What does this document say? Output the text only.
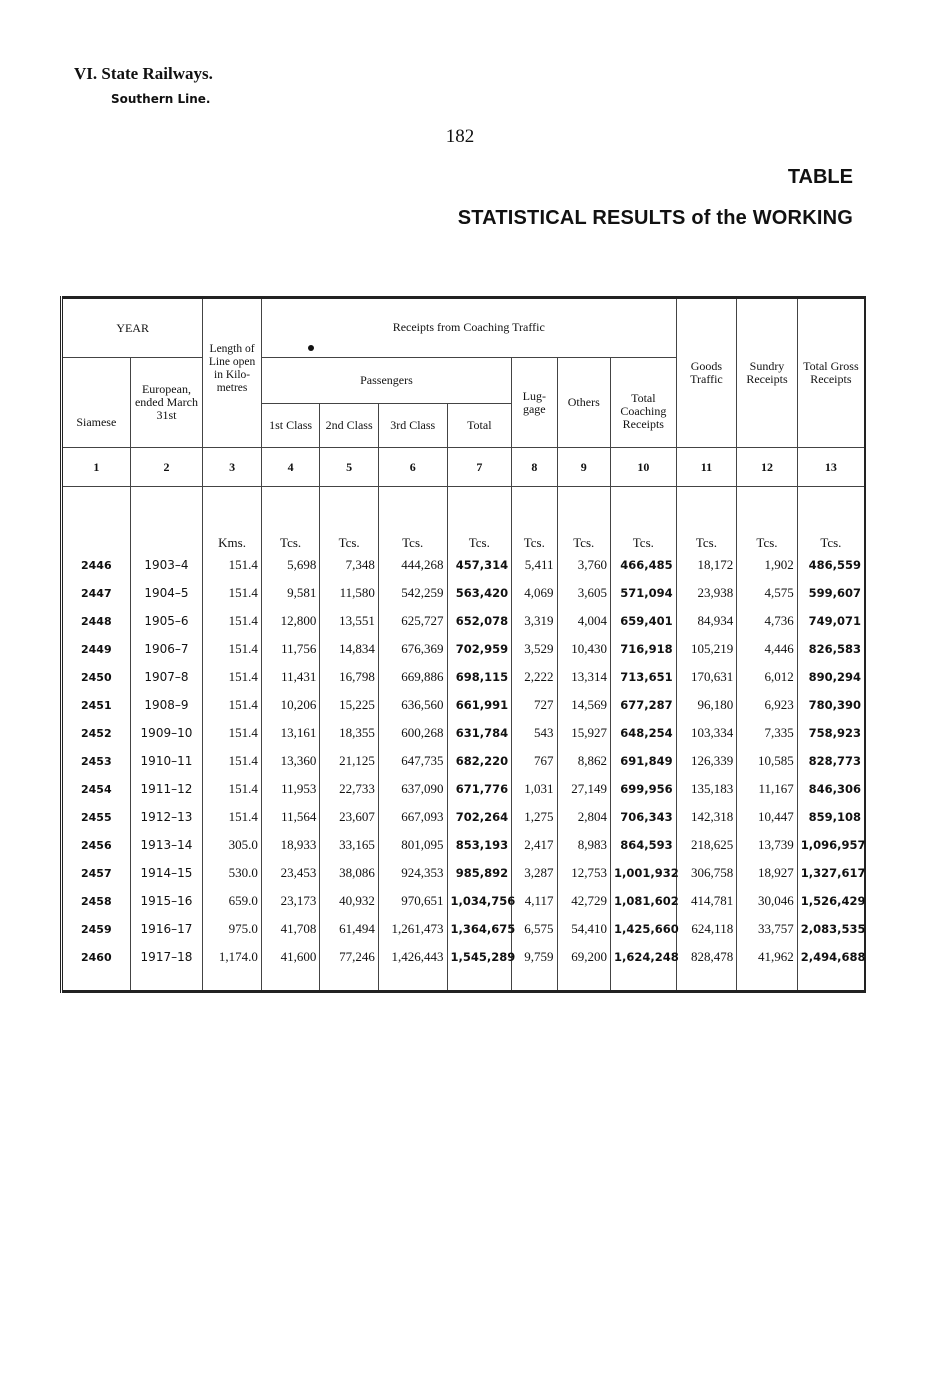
VI. State Railways.
Southern Line.
182
TABLE
STATISTICAL RESULTS of the WORKING
YEAR		Length of Line open in Kilo- metres	Receipts from Coaching Traffic							Goods Traffic	Sundry Receipts	Total Gross Receipts
Siamese	European, ended March 31st		Passengers				Lug- gage	Others	Total Coaching Receipts			
			1st Class	2nd Class	3rd Class	Total						
1	2	3	4	5	6	7	8	9	10	11	12	13
		Kms.	Tcs.	Tcs.	Tcs.	Tcs.	Tcs.	Tcs.	Tcs.	Tcs.	Tcs.	Tcs.
2446	1903–4	151.4	5,698	7,348	444,268	457,314	5,411	3,760	466,485	18,172	1,902	486,559
2447	1904–5	151.4	9,581	11,580	542,259	563,420	4,069	3,605	571,094	23,938	4,575	599,607
2448	1905–6	151.4	12,800	13,551	625,727	652,078	3,319	4,004	659,401	84,934	4,736	749,071
2449	1906–7	151.4	11,756	14,834	676,369	702,959	3,529	10,430	716,918	105,219	4,446	826,583
2450	1907–8	151.4	11,431	16,798	669,886	698,115	2,222	13,314	713,651	170,631	6,012	890,294
2451	1908–9	151.4	10,206	15,225	636,560	661,991	727	14,569	677,287	96,180	6,923	780,390
2452	1909–10	151.4	13,161	18,355	600,268	631,784	543	15,927	648,254	103,334	7,335	758,923
2453	1910–11	151.4	13,360	21,125	647,735	682,220	767	8,862	691,849	126,339	10,585	828,773
2454	1911–12	151.4	11,953	22,733	637,090	671,776	1,031	27,149	699,956	135,183	11,167	846,306
2455	1912–13	151.4	11,564	23,607	667,093	702,264	1,275	2,804	706,343	142,318	10,447	859,108
2456	1913–14	305.0	18,933	33,165	801,095	853,193	2,417	8,983	864,593	218,625	13,739	1,096,957
2457	1914–15	530.0	23,453	38,086	924,353	985,892	3,287	12,753	1,001,932	306,758	18,927	1,327,617
2458	1915–16	659.0	23,173	40,932	970,651	1,034,756	4,117	42,729	1,081,602	414,781	30,046	1,526,429
2459	1916–17	975.0	41,708	61,494	1,261,473	1,364,675	6,575	54,410	1,425,660	624,118	33,757	2,083,535
2460	1917–18	1,174.0	41,600	77,246	1,426,443	1,545,289	9,759	69,200	1,624,248	828,478	41,962	2,494,688
